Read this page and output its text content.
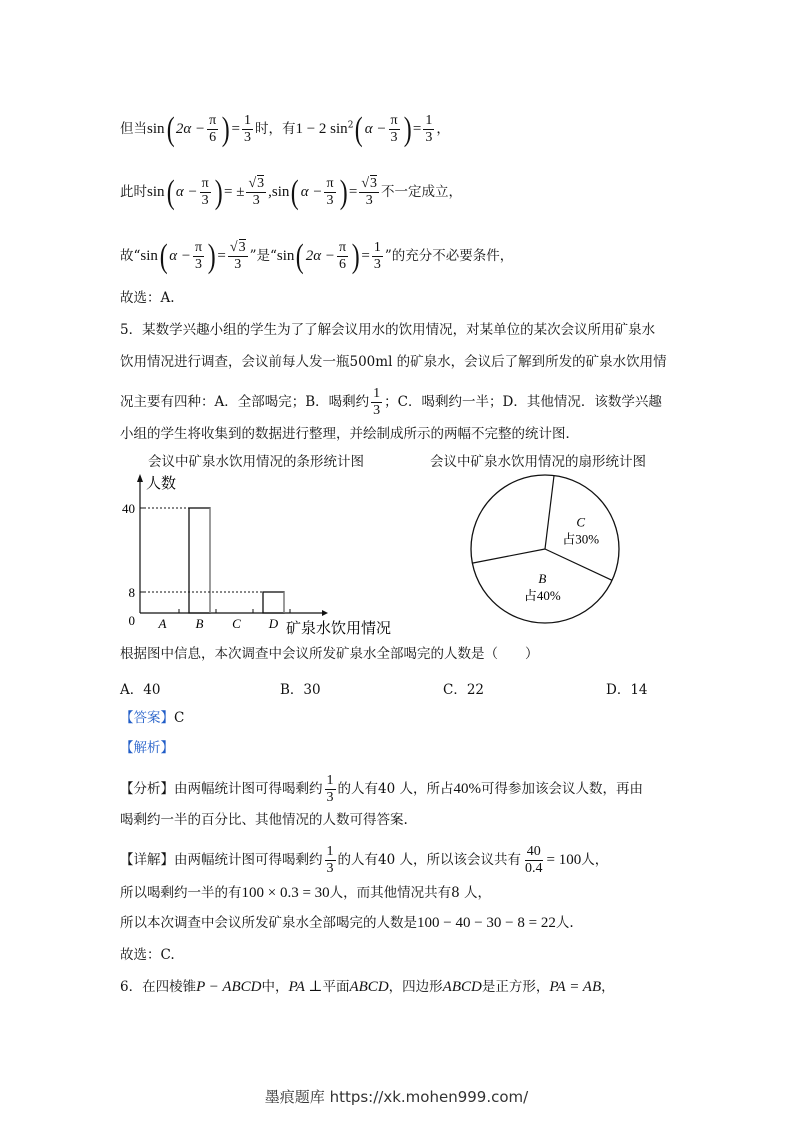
但当sin( $2\alpha - \frac{\pi}{6}$ ) = $\frac{1}{3}$ 时，有1 − 2 $\sin^2$( $\alpha - \frac{\pi}{3}$ ) = $\frac{1}{3}$ ，
此时sin( $\alpha - \frac{\pi}{3}$ ) = ± $\frac{√3}{3} ,\sin$( $\alpha - \frac{\pi}{3}$ ) = $\frac{√3}{3}$ 不一定成立，
故“sin( $\alpha - \frac{\pi}{3}$ ) = $\frac{√3}{3}$ ”是“sin( $2\alpha - \frac{\pi}{6}$ ) = $\frac{1}{3}$ ”的充分不必要条件，
故选：A.
5．某数学兴趣小组的学生为了了解会议用水的饮用情况，对某单位的某次会议所用矿泉水
饮用情况进行调查，会议前每人发一瓶500ml 的矿泉水，会议后了解到所发的矿泉水饮用情
况主要有四种：A．全部喝完；B．喝剩约 $\frac{1}{3}$ ；C．喝剩约一半；D．其他情况．该数学兴趣
小组的学生将收集到的数据进行整理，并绘制成所示的两幅不完整的统计图．
会议中矿泉水饮用情况的条形统计图	会议中矿泉水饮用情况的扇形统计图
人数
矿泉水饮用情况
0
8
40
A B C D
C
占30%
B
占40%
根据图中信息，本次调查中会议所发矿泉水全部喝完的人数是（　　）
A．40	B．30	C．22	D．14
【答案】C
【解析】
【分析】由两幅统计图可得喝剩约 $\frac{1}{3}$ 的人有40 人，所占40%可得参加该会议人数，再由
喝剩约一半的百分比、其他情况的人数可得答案.
【详解】由两幅统计图可得喝剩约 $\frac{1}{3}$ 的人有40 人，所以该会议共有 $\frac{40}{0.4} = 100$人，
所以喝剩约一半的有100 × 0.3 = 30人，而其他情况共有8 人，
所以本次调查中会议所发矿泉水全部喝完的人数是100 − 40 − 30 − 8 = 22人.
故选：C.
6．在四棱锥P − ABCD中，PA ⊥平面ABCD，四边形ABCD是正方形，PA = AB，
墨痕题库 https://xk.mohen999.com/
